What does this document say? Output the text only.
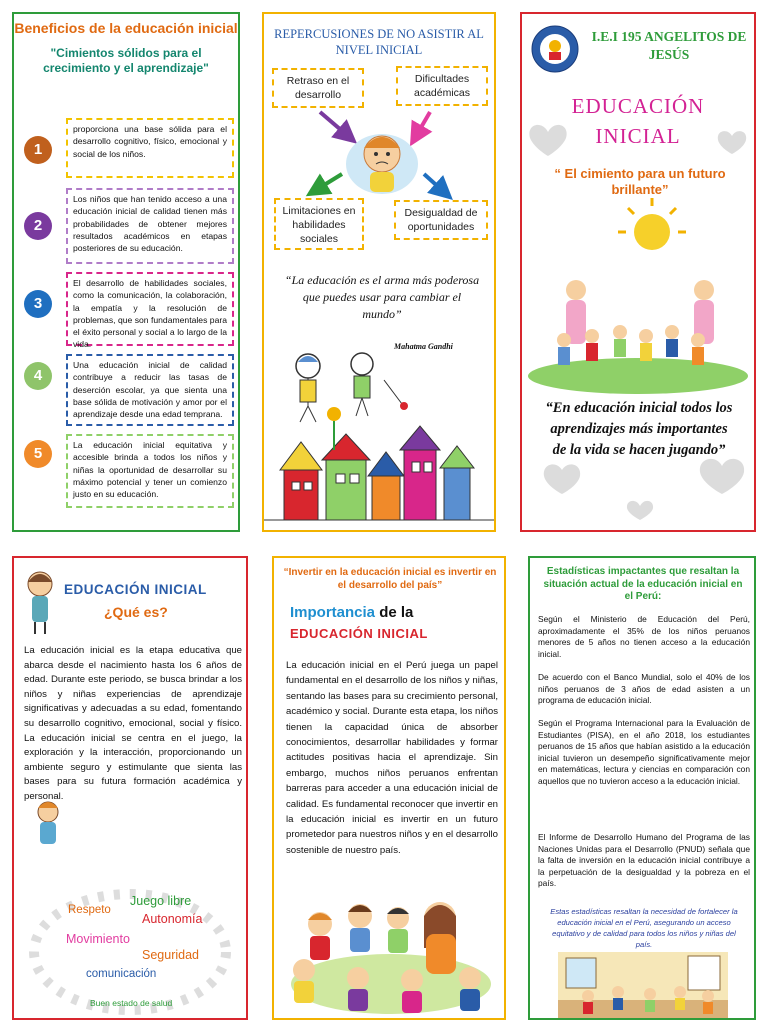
Beneficios de la educación inicial
"Cimientos sólidos para el crecimiento y el aprendizaje"
1
proporciona una base sólida para el desarrollo cognitivo, físico, emocional y social de los niños.
2
Los niños que han tenido acceso a una educación inicial de calidad tienen más probabilidades de obtener mejores resultados académicos en etapas posteriores de su educación.
3
El desarrollo de habilidades sociales, como la comunicación, la colaboración, la empatía y la resolución de problemas, que son fundamentales para el éxito personal y social a lo largo de la vida.
4
Una educación inicial de calidad contribuye a reducir las tasas de deserción escolar, ya que sienta una base sólida de motivación y amor por el aprendizaje desde una edad temprana.
5	La educación inicial equitativa y accesible brinda a todos los niños y niñas la oportunidad de desarrollar su máximo potencial y tener un comienzo justo en su educación.
REPERCUSIONES DE NO ASISTIR AL NIVEL INICIAL
Retraso en el desarrollo
Dificultades académicas
Limitaciones en habilidades sociales
Desigualdad de oportunidades
“La educación es el arma más poderosa que puedes usar para cambiar el mundo”
Mahatma Gandhi
I.E.I 195 ANGELITOS DE JESÚS
EDUCACIÓN
INICIAL
“ El cimiento para un futuro brillante”
“En educación inicial todos los aprendizajes más importantes de la vida se hacen jugando”
EDUCACIÓN INICIAL
¿Qué es?
La educación inicial es la etapa educativa que abarca desde el nacimiento hasta los 6 años de edad. Durante este periodo, se busca brindar a los niños y niñas experiencias de aprendizaje significativas y adecuadas a su edad, fomentando su desarrollo cognitivo, emocional, social y físico. La educación inicial se centra en el juego, la exploración y la interacción, proporcionando un ambiente seguro y estimulante que sienta las bases para su futura formación académica y personal.
Respeto
Juego libre
Autonomía
Movimiento
Seguridad
comunicación
Buen estado de salud
“Invertir en la educación inicial es invertir en el desarrollo del país”
Importancia de la
EDUCACIÓN INICIAL
La educación inicial en el Perú juega un papel fundamental en el desarrollo de los niños y niñas, sentando las bases para su crecimiento personal, académico y social. Durante esta etapa, los niños tienen la capacidad única de absorber conocimientos, desarrollar habilidades y formar actitudes positivas hacia el aprendizaje. Sin embargo, muchos niños peruanos enfrentan barreras para acceder a una educación inicial de calidad. Es fundamental reconocer que invertir en la educación inicial es invertir en un futuro prometedor para nuestros niños y en el desarrollo sostenible de nuestro país.
Estadísticas impactantes que resaltan la situación actual de la educación inicial en el Perú:
Según el Ministerio de Educación del Perú, aproximadamente el 35% de los niños peruanos menores de 5 años no tienen acceso a la educación inicial.
De acuerdo con el Banco Mundial, solo el 40% de los niños peruanos de 3 años de edad asisten a un programa de educación inicial.
Según el Programa Internacional para la Evaluación de Estudiantes (PISA), en el año 2018, los estudiantes peruanos de 15 años que habían asistido a la educación inicial tuvieron un desempeño significativamente mejor en matemáticas, lectura y ciencias en comparación con aquellos que no tuvieron acceso a la educación inicial.
El Informe de Desarrollo Humano del Programa de las Naciones Unidas para el Desarrollo (PNUD) señala que la falta de inversión en la educación inicial contribuye a la perpetuación de la desigualdad y la pobreza en el país.
Estas estadísticas resaltan la necesidad de fortalecer la educación inicial en el Perú, asegurando un acceso equitativo y de calidad para todos los niños y niñas del país.
